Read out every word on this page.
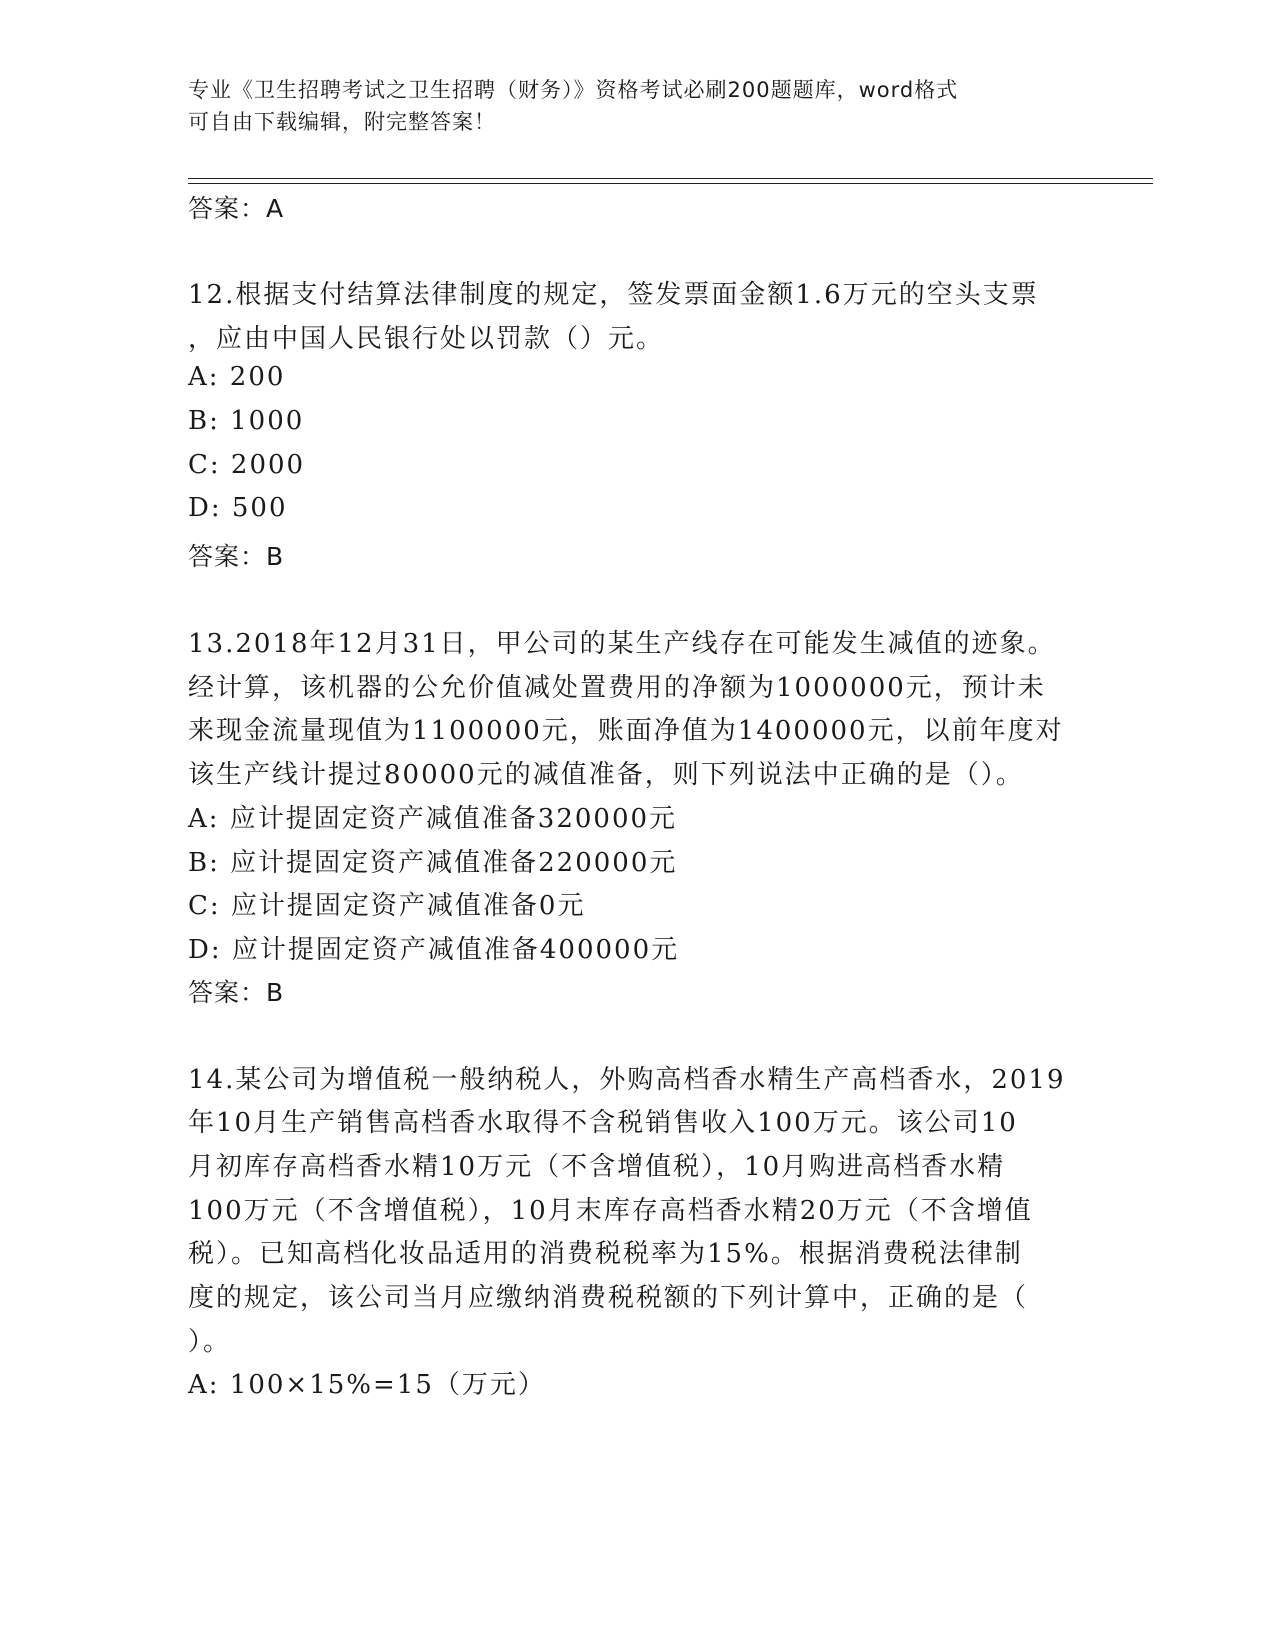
专业《卫生招聘考试之卫生招聘（财务）》资格考试必刷200题题库，word格式
可自由下载编辑，附完整答案！
答案：A
12.根据支付结算法律制度的规定，签发票面金额1.6万元的空头支票
，应由中国人民银行处以罚款（）元。
A: 200
B: 1000
C: 2000
D: 500
答案：B
13.2018年12月31日，甲公司的某生产线存在可能发生减值的迹象。
经计算，该机器的公允价值减处置费用的净额为1000000元，预计未
来现金流量现值为1100000元，账面净值为1400000元，以前年度对
该生产线计提过80000元的减值准备，则下列说法中正确的是（）。
A: 应计提固定资产减值准备320000元
B: 应计提固定资产减值准备220000元
C: 应计提固定资产减值准备0元
D: 应计提固定资产减值准备400000元
答案：B
14.某公司为增值税一般纳税人，外购高档香水精生产高档香水，2019
年10月生产销售高档香水取得不含税销售收入100万元。该公司10
月初库存高档香水精10万元（不含增值税），10月购进高档香水精
100万元（不含增值税），10月末库存高档香水精20万元（不含增值
税）。已知高档化妆品适用的消费税税率为15%。根据消费税法律制
度的规定，该公司当月应缴纳消费税税额的下列计算中，正确的是（
）。
A: 100×15%=15（万元）
